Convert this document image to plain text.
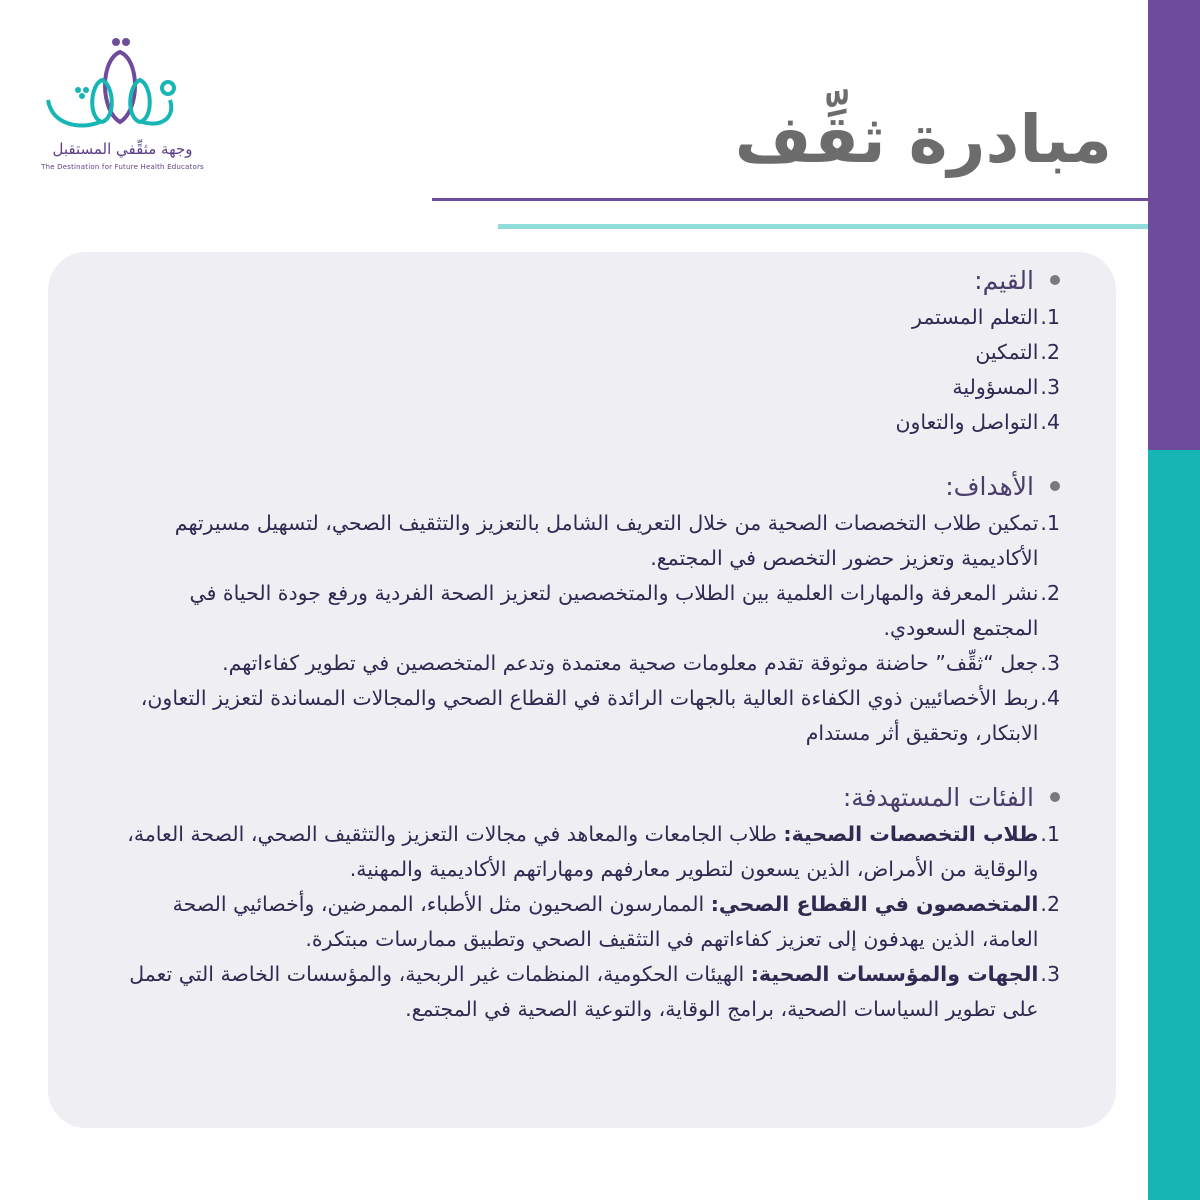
وجهة مثقِّفي المستقبل
The Destination for Future Health Educators	مبادرة ثقِّف
القيم:
1.
التعلم المستمر
2.
التمكين
3.
المسؤولية
4.
التواصل والتعاون
الأهداف:
1.
تمكين طلاب التخصصات الصحية من خلال التعريف الشامل بالتعزيز والتثقيف الصحي، لتسهيل مسيرتهم الأكاديمية وتعزيز حضور التخصص في المجتمع.
2.
نشر المعرفة والمهارات العلمية بين الطلاب والمتخصصين لتعزيز الصحة الفردية ورفع جودة الحياة في المجتمع السعودي.
3.
جعل “ثقِّف” حاضنة موثوقة تقدم معلومات صحية معتمدة وتدعم المتخصصين في تطوير كفاءاتهم.
4.
ربط الأخصائيين ذوي الكفاءة العالية بالجهات الرائدة في القطاع الصحي والمجالات المساندة لتعزيز التعاون، الابتكار، وتحقيق أثر مستدام
الفئات المستهدفة:
1.
طلاب التخصصات الصحية: طلاب الجامعات والمعاهد في مجالات التعزيز والتثقيف الصحي، الصحة العامة، والوقاية من الأمراض، الذين يسعون لتطوير معارفهم ومهاراتهم الأكاديمية والمهنية.
2.
المتخصصون في القطاع الصحي: الممارسون الصحيون مثل الأطباء، الممرضين، وأخصائيي الصحة العامة، الذين يهدفون إلى تعزيز كفاءاتهم في التثقيف الصحي وتطبيق ممارسات مبتكرة.
3.
الجهات والمؤسسات الصحية: الهيئات الحكومية، المنظمات غير الربحية، والمؤسسات الخاصة التي تعمل على تطوير السياسات الصحية، برامج الوقاية، والتوعية الصحية في المجتمع.
